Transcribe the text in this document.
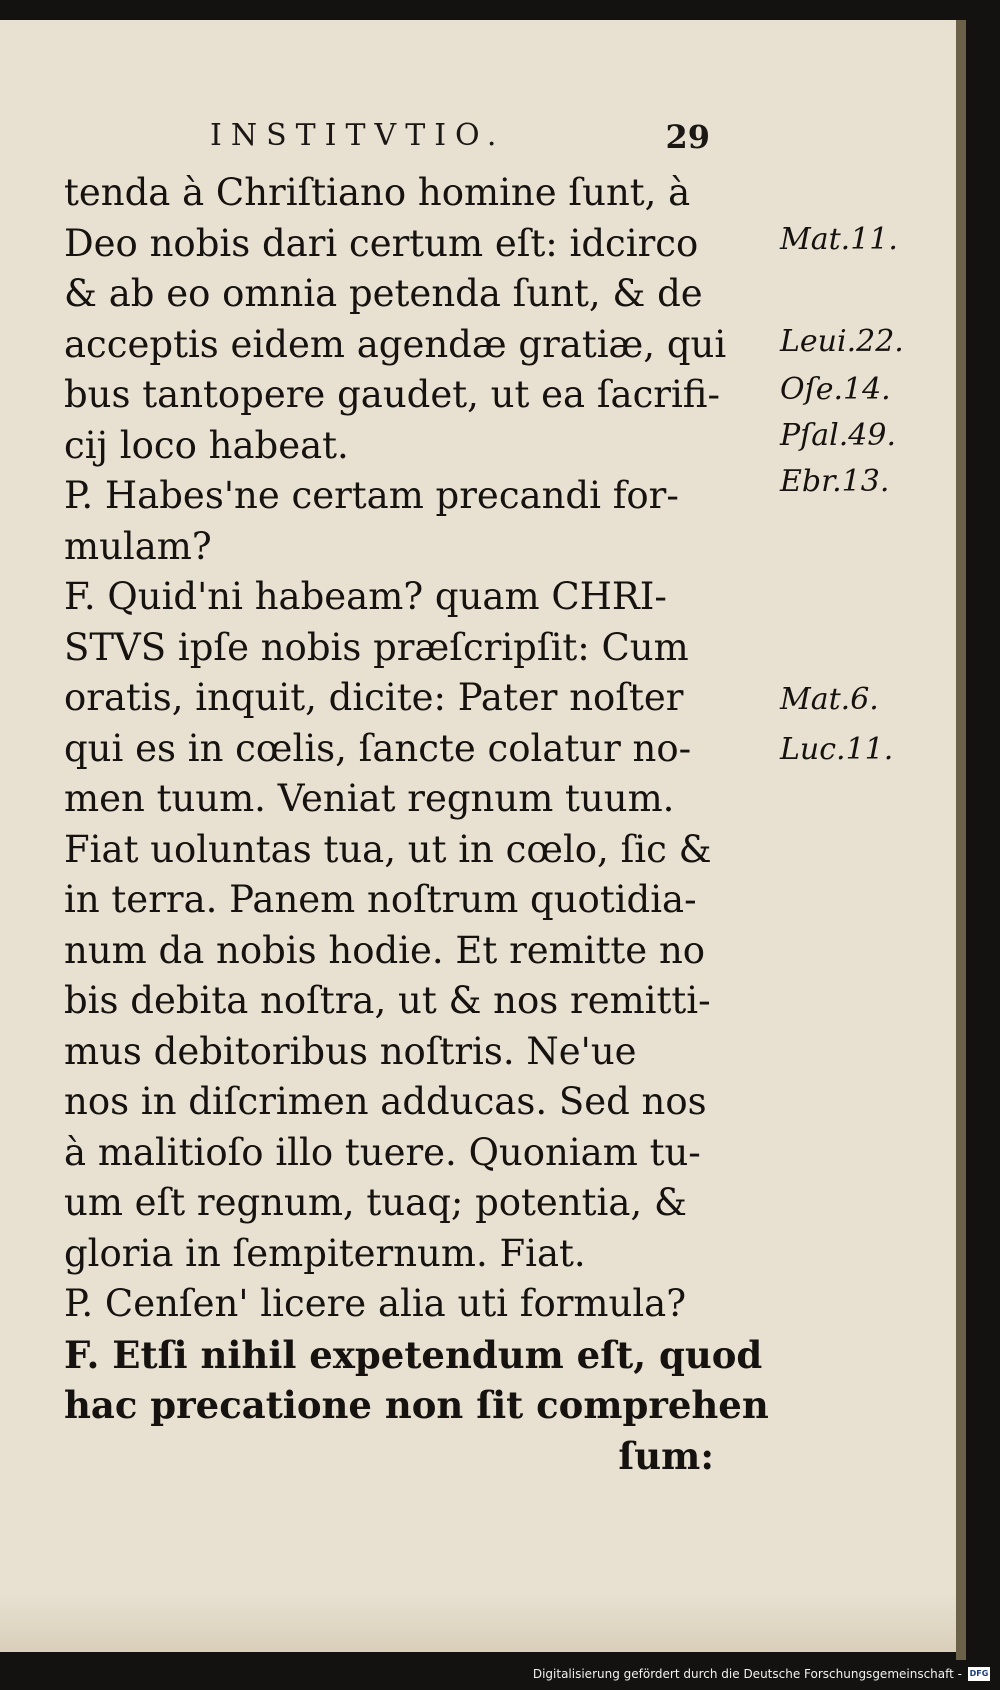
INSTITVTIO.	29
tenda à Chriſtiano homine ſunt, à
Deo nobis dari certum eſt: idcirco
& ab eo omnia petenda ſunt, & de
acceptis eidem agendæ gratiæ, qui
bus tantopere gaudet, ut ea ſacrifi-
cij loco habeat.
P. Habes'ne certam precandi for-
mulam?
F. Quid'ni habeam? quam CHRI-
STVS ipſe nobis præſcripſit: Cum
oratis, inquit, dicite: Pater noſter
qui es in cœlis, ſancte colatur no-
men tuum. Veniat regnum tuum.
Fiat uoluntas tua, ut in cœlo, ſic &
in terra. Panem noſtrum quotidia-
num da nobis hodie. Et remitte no
bis debita noſtra, ut & nos remitti-
mus debitoribus noſtris. Ne'ue
nos in diſcrimen adducas. Sed nos
à malitioſo illo tuere. Quoniam tu-
um eſt regnum, tuaq; potentia, &
gloria in ſempiternum. Fiat.
P. Cenſen' licere alia uti formula?
F. Etſi nihil expetendum eſt, quod
hac precatione non ſit comprehen
ſum:
Mat.11.
Leui.22.
Oſe.14.
Pſal.49.
Ebr.13.
Mat.6.
Luc.11.
Digitalisierung gefördert durch die Deutsche Forschungsgemeinschaft - DFG
